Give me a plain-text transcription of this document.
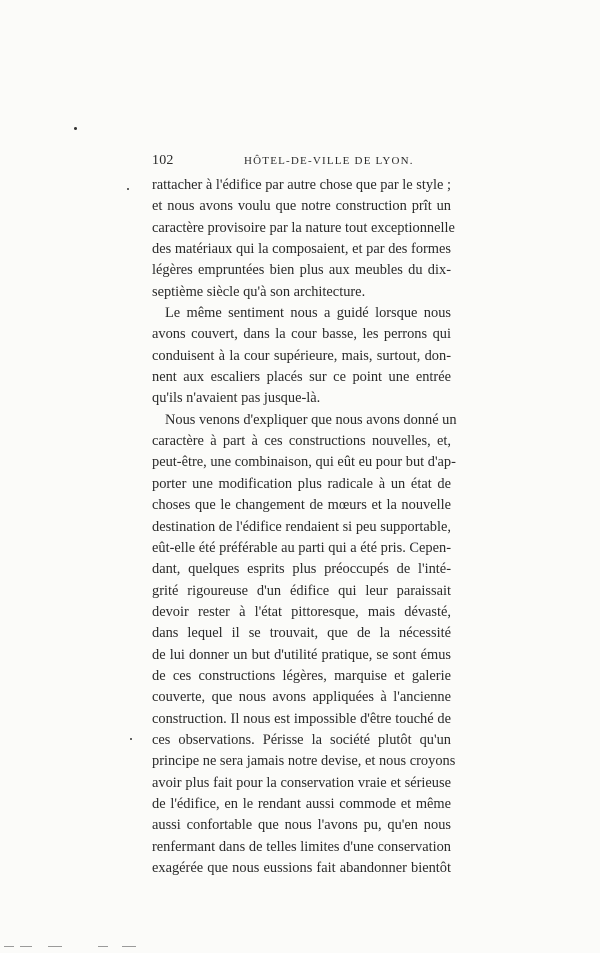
102	HÔTEL-DE-VILLE DE LYON.
rattacher à l'édifice par autre chose que par le style ;
et nous avons voulu que notre construction prît un
caractère provisoire par la nature tout exceptionnelle
des matériaux qui la composaient, et par des formes
légères empruntées bien plus aux meubles du dix-
septième siècle qu'à son architecture.
Le même sentiment nous a guidé lorsque nous
avons couvert, dans la cour basse, les perrons qui
conduisent à la cour supérieure, mais, surtout, don-
nent aux escaliers placés sur ce point une entrée
qu'ils n'avaient pas jusque-là.
Nous venons d'expliquer que nous avons donné un
caractère à part à ces constructions nouvelles, et,
peut-être, une combinaison, qui eût eu pour but d'ap-
porter une modification plus radicale à un état de
choses que le changement de mœurs et la nouvelle
destination de l'édifice rendaient si peu supportable,
eût-elle été préférable au parti qui a été pris. Cepen-
dant, quelques esprits plus préoccupés de l'inté-
grité rigoureuse d'un édifice qui leur paraissait
devoir rester à l'état pittoresque, mais dévasté,
dans lequel il se trouvait, que de la nécessité
de lui donner un but d'utilité pratique, se sont émus
de ces constructions légères, marquise et galerie
couverte, que nous avons appliquées à l'ancienne
construction. Il nous est impossible d'être touché de
ces observations. Périsse la société plutôt qu'un
principe ne sera jamais notre devise, et nous croyons
avoir plus fait pour la conservation vraie et sérieuse
de l'édifice, en le rendant aussi commode et même
aussi confortable que nous l'avons pu, qu'en nous
renfermant dans de telles limites d'une conservation
exagérée que nous eussions fait abandonner bientôt
